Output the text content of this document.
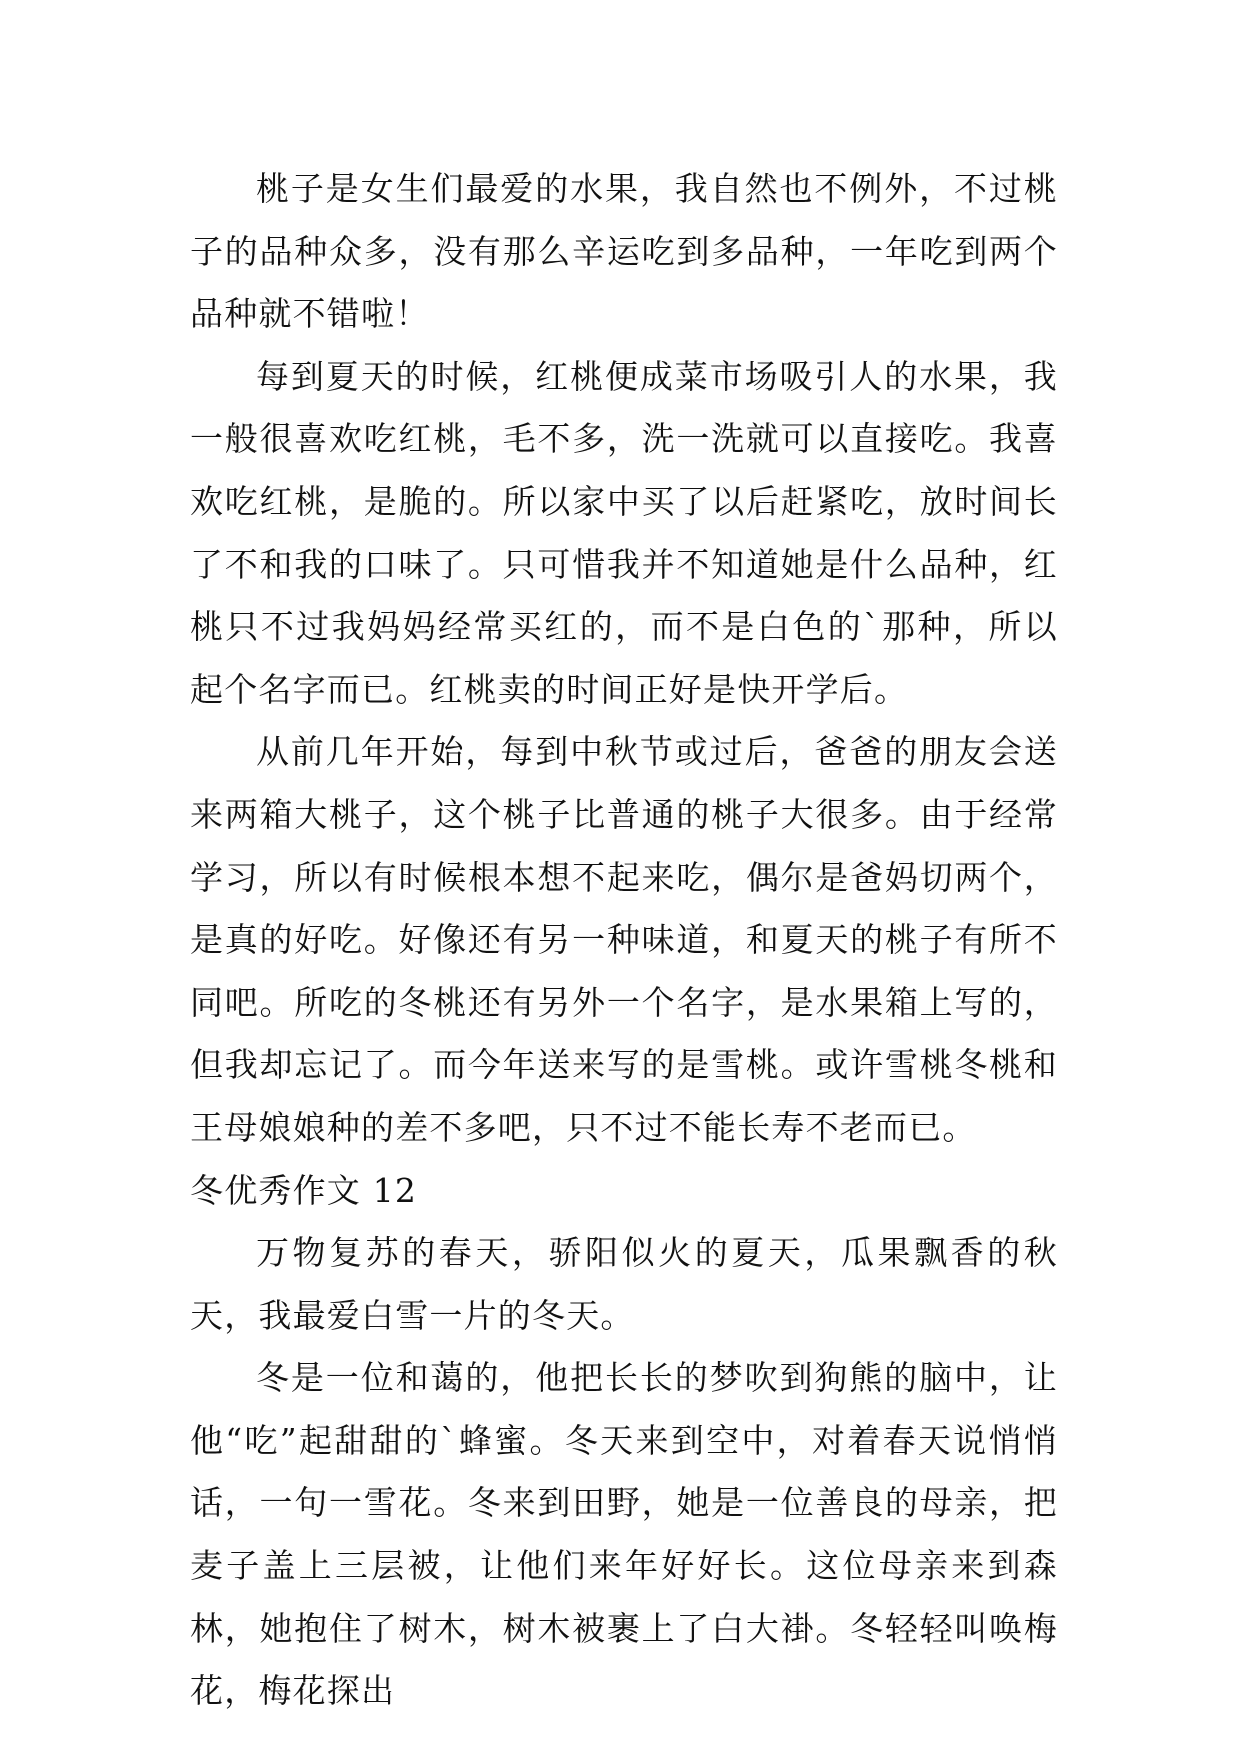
桃子是女生们最爱的水果，我自然也不例外，不过桃子的品种众多，没有那么辛运吃到多品种，一年吃到两个品种就不错啦！

每到夏天的时候，红桃便成菜市场吸引人的水果，我一般很喜欢吃红桃，毛不多，洗一洗就可以直接吃。我喜欢吃红桃，是脆的。所以家中买了以后赶紧吃，放时间长了不和我的口味了。只可惜我并不知道她是什么品种，红桃只不过我妈妈经常买红的，而不是白色的`那种，所以起个名字而已。红桃卖的时间正好是快开学后。

从前几年开始，每到中秋节或过后，爸爸的朋友会送来两箱大桃子，这个桃子比普通的桃子大很多。由于经常学习，所以有时候根本想不起来吃，偶尔是爸妈切两个，是真的好吃。好像还有另一种味道，和夏天的桃子有所不同吧。所吃的冬桃还有另外一个名字，是水果箱上写的，但我却忘记了。而今年送来写的是雪桃。或许雪桃冬桃和王母娘娘种的差不多吧，只不过不能长寿不老而已。

冬优秀作文 12

万物复苏的春天，骄阳似火的夏天，瓜果飘香的秋天，我最爱白雪一片的冬天。

冬是一位和蔼的，他把长长的梦吹到狗熊的脑中，让他“吃”起甜甜的`蜂蜜。冬天来到空中，对着春天说悄悄话，一句一雪花。冬来到田野，她是一位善良的母亲，把麦子盖上三层被，让他们来年好好长。这位母亲来到森林，她抱住了树木，树木被裹上了白大褂。冬轻轻叫唤梅花，梅花探出
